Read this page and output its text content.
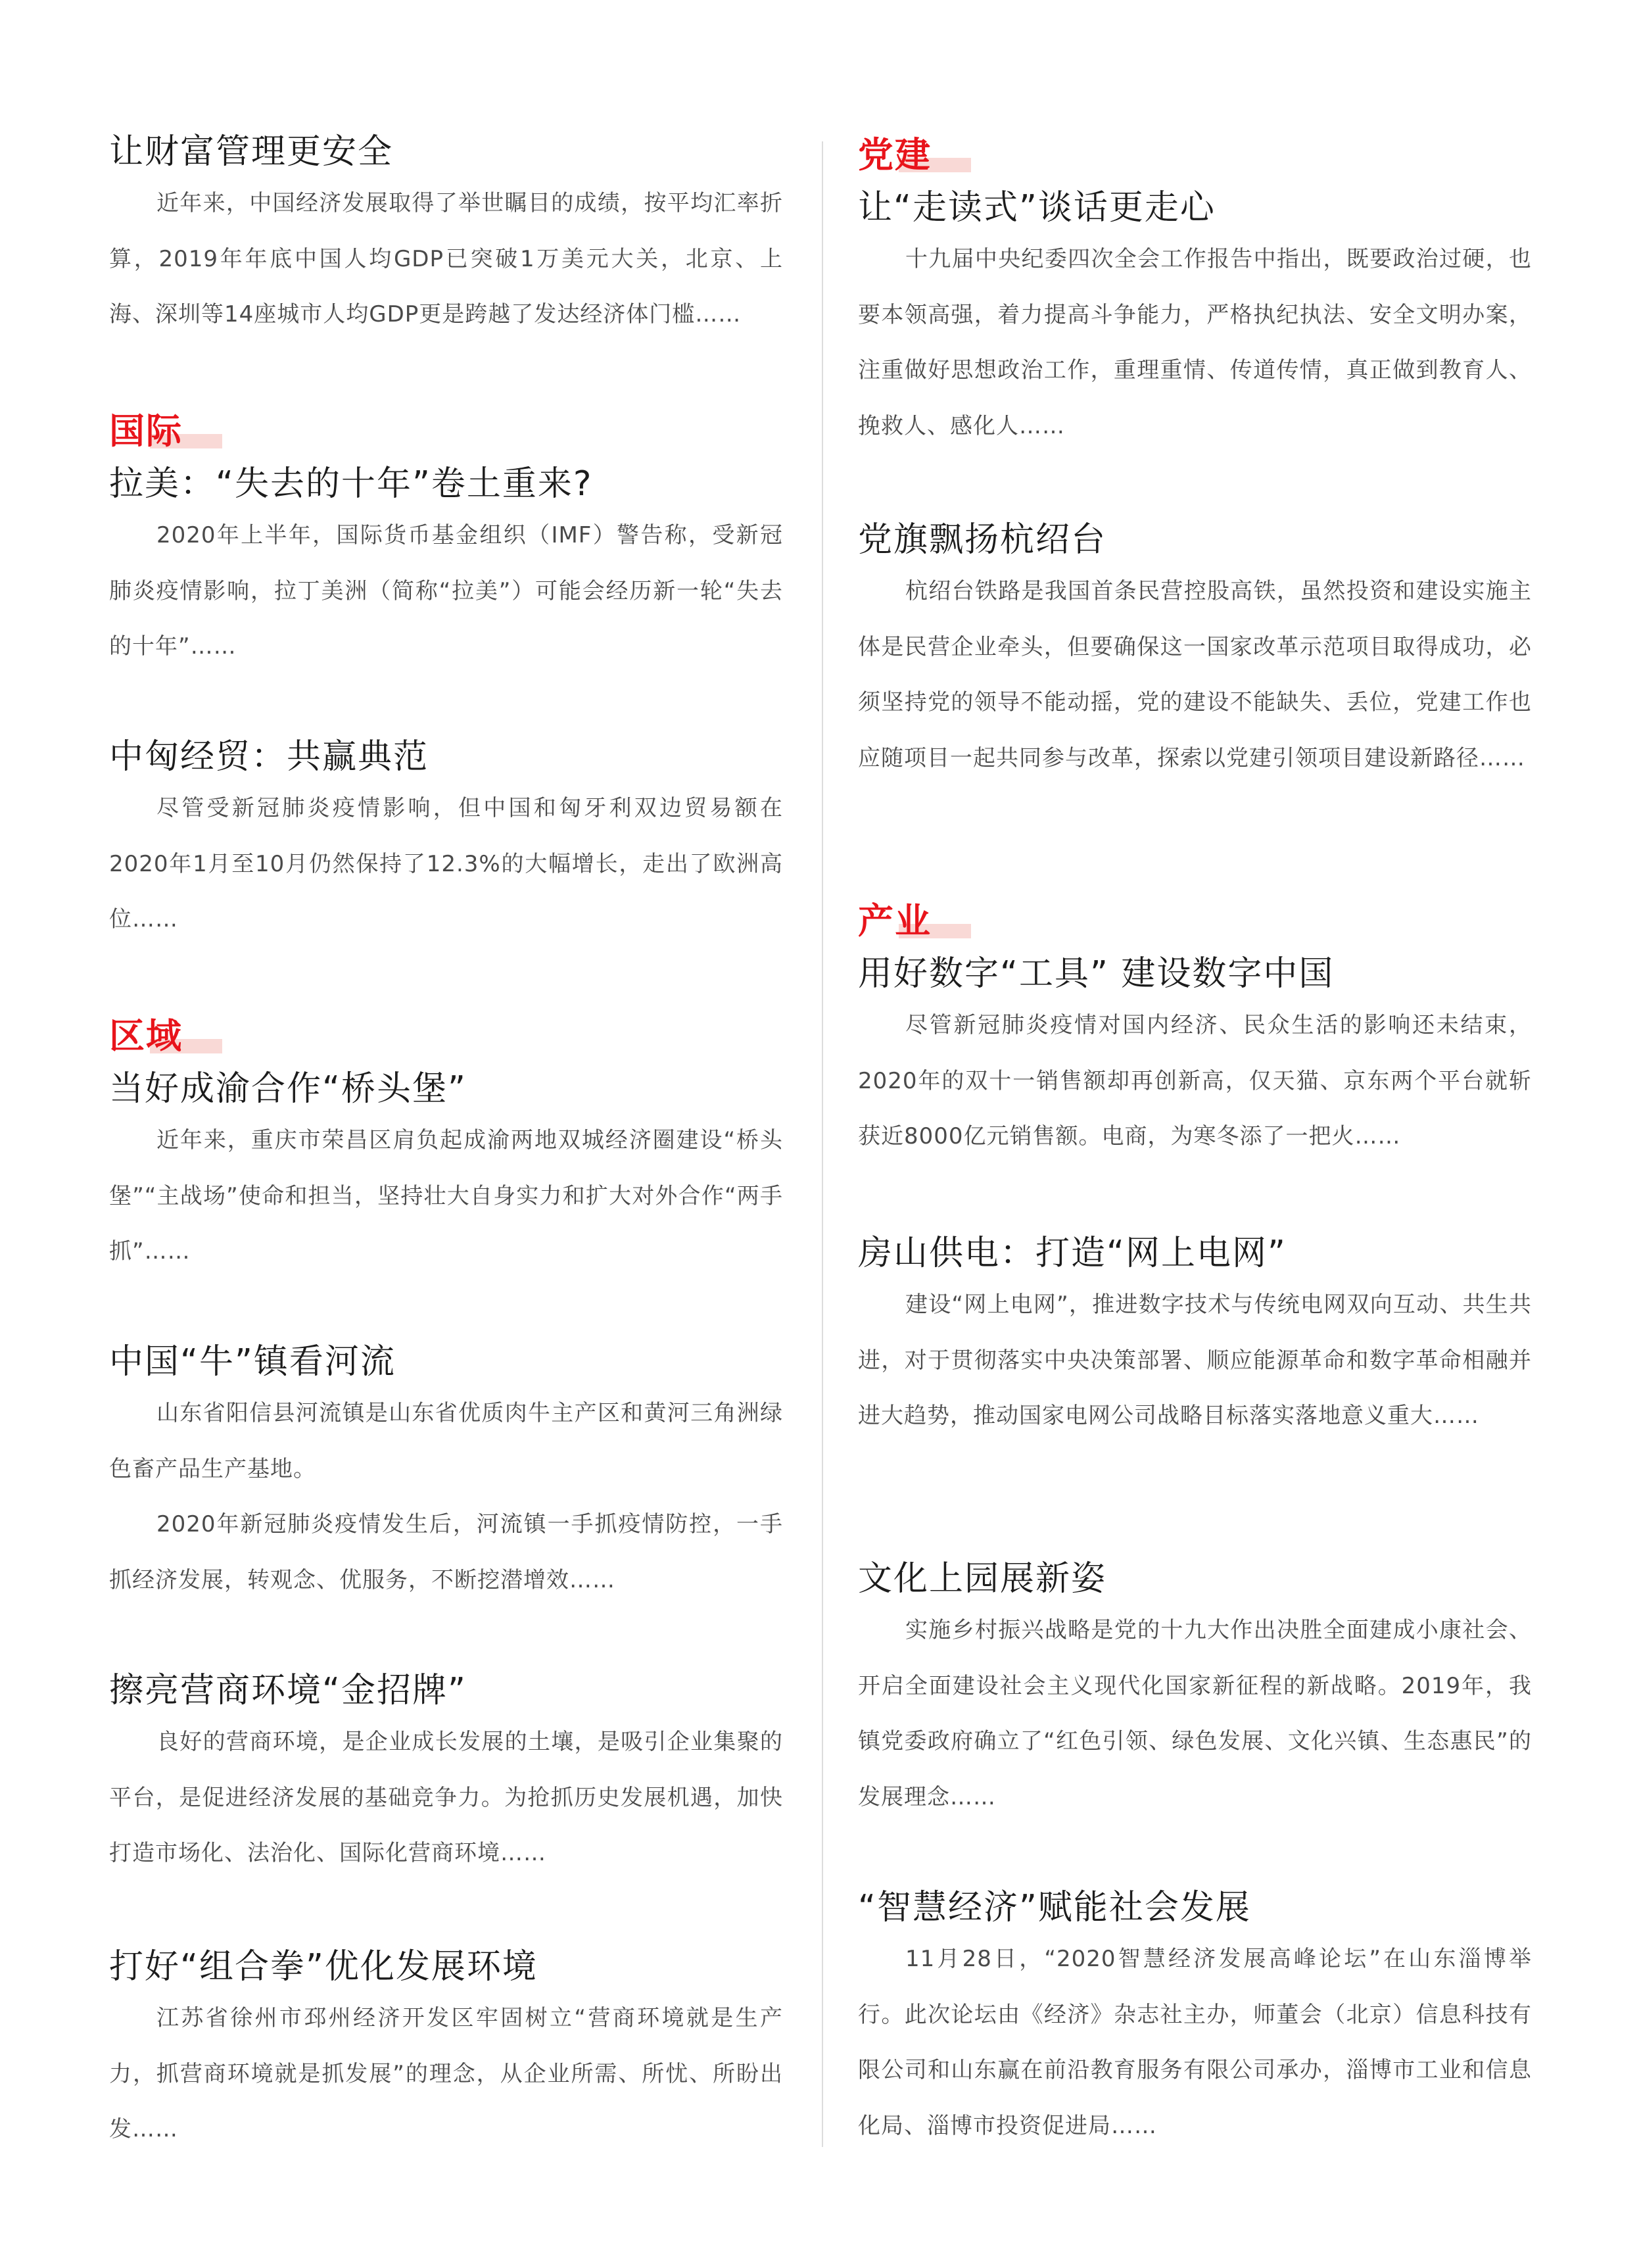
让财富管理更安全

近年来，中国经济发展取得了举世瞩目的成绩，按平均汇率折算，2019年年底中国人均GDP已突破1万美元大关，北京、上海、深圳等14座城市人均GDP更是跨越了发达经济体门槛……

国际
拉美：“失去的十年”卷土重来?

2020年上半年，国际货币基金组织（IMF）警告称，受新冠肺炎疫情影响，拉丁美洲（简称“拉美”）可能会经历新一轮“失去的十年”……

中匈经贸：共赢典范

尽管受新冠肺炎疫情影响，但中国和匈牙利双边贸易额在2020年1月至10月仍然保持了12.3%的大幅增长，走出了欧洲高位……

区域
当好成渝合作“桥头堡”

近年来，重庆市荣昌区肩负起成渝两地双城经济圈建设“桥头堡”“主战场”使命和担当，坚持壮大自身实力和扩大对外合作“两手抓”……

中国“牛”镇看河流

山东省阳信县河流镇是山东省优质肉牛主产区和黄河三角洲绿色畜产品生产基地。

2020年新冠肺炎疫情发生后，河流镇一手抓疫情防控，一手抓经济发展，转观念、优服务，不断挖潜增效……

擦亮营商环境“金招牌”

良好的营商环境，是企业成长发展的土壤，是吸引企业集聚的平台，是促进经济发展的基础竞争力。为抢抓历史发展机遇，加快打造市场化、法治化、国际化营商环境……

打好“组合拳”优化发展环境

江苏省徐州市邳州经济开发区牢固树立“营商环境就是生产力，抓营商环境就是抓发展”的理念，从企业所需、所忧、所盼出发……

党建
让“走读式”谈话更走心

十九届中央纪委四次全会工作报告中指出，既要政治过硬，也要本领高强，着力提高斗争能力，严格执纪执法、安全文明办案，注重做好思想政治工作，重理重情、传道传情，真正做到教育人、挽救人、感化人……

党旗飘扬杭绍台

杭绍台铁路是我国首条民营控股高铁，虽然投资和建设实施主体是民营企业牵头，但要确保这一国家改革示范项目取得成功，必须坚持党的领导不能动摇，党的建设不能缺失、丢位，党建工作也应随项目一起共同参与改革，探索以党建引领项目建设新路径……

产业
用好数字“工具” 建设数字中国

尽管新冠肺炎疫情对国内经济、民众生活的影响还未结束，2020年的双十一销售额却再创新高，仅天猫、京东两个平台就斩获近8000亿元销售额。电商，为寒冬添了一把火……

房山供电：打造“网上电网”

建设“网上电网”，推进数字技术与传统电网双向互动、共生共进，对于贯彻落实中央决策部署、顺应能源革命和数字革命相融并进大趋势，推动国家电网公司战略目标落实落地意义重大……

文化上园展新姿

实施乡村振兴战略是党的十九大作出决胜全面建成小康社会、开启全面建设社会主义现代化国家新征程的新战略。2019年，我镇党委政府确立了“红色引领、绿色发展、文化兴镇、生态惠民”的发展理念……

“智慧经济”赋能社会发展

11月28日，“2020智慧经济发展高峰论坛”在山东淄博举行。此次论坛由《经济》杂志社主办，师董会（北京）信息科技有限公司和山东赢在前沿教育服务有限公司承办，淄博市工业和信息化局、淄博市投资促进局……
